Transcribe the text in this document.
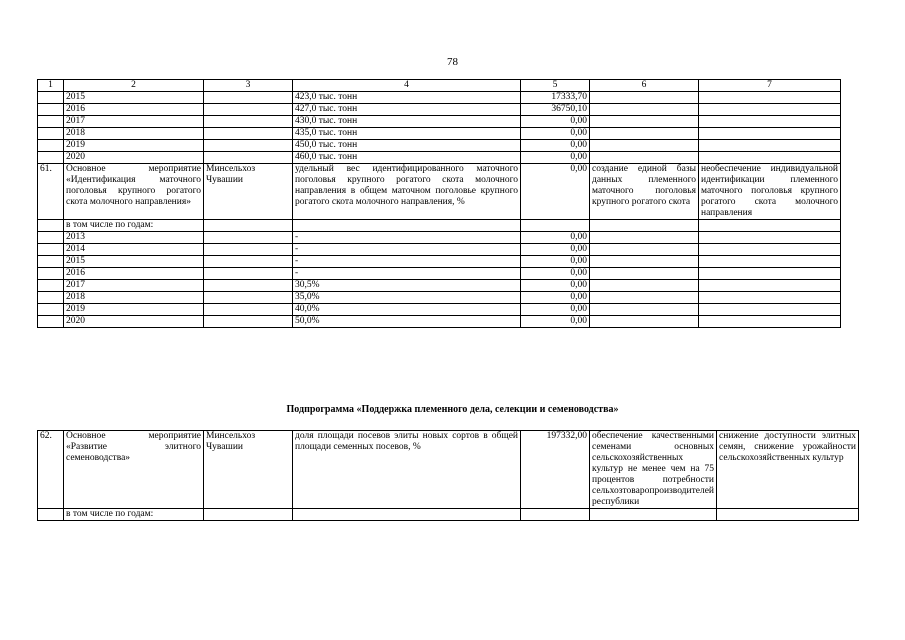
78
1	2	3	4	5	6	7
	2015		423,0 тыс. тонн	17333,70		
	2016		427,0 тыс. тонн	36750,10		
	2017		430,0 тыс. тонн	0,00		
	2018		435,0 тыс. тонн	0,00		
	2019		450,0 тыс. тонн	0,00		
	2020		460,0 тыс. тонн	0,00		
61.	Основное мероприятие «Идентификация маточного поголовья крупного рогатого скота молочного направления»	Минсельхоз Чувашии	удельный вес идентифицированного маточного поголовья крупного рогатого скота молочного направления в общем маточном поголовье крупного рогатого скота молочного направления, %	0,00	создание единой базы данных племенного маточного поголовья крупного рогатого скота	необеспечение индивидуальной идентификации племенного маточного поголовья крупного рогатого скота молочного направления
	в том числе по годам:					
	2013		-	0,00		
	2014		-	0,00		
	2015		-	0,00		
	2016		-	0,00		
	2017		30,5%	0,00		
	2018		35,0%	0,00		
	2019		40,0%	0,00		
	2020		50,0%	0,00		
Подпрограмма «Поддержка племенного дела, селекции и семеноводства»
62.	Основное мероприятие «Развитие элитного семеноводства»	Минсельхоз Чувашии	доля площади посевов элиты новых сортов в общей площади семенных посевов, %	197332,00	обеспечение качественными семенами основных сельскохозяйственных культур не менее чем на 75 процентов потребности сельхозтоваропроизводителей республики	снижение доступности элитных семян, снижение урожайности сельскохозяйственных культур
	в том числе по годам:					
